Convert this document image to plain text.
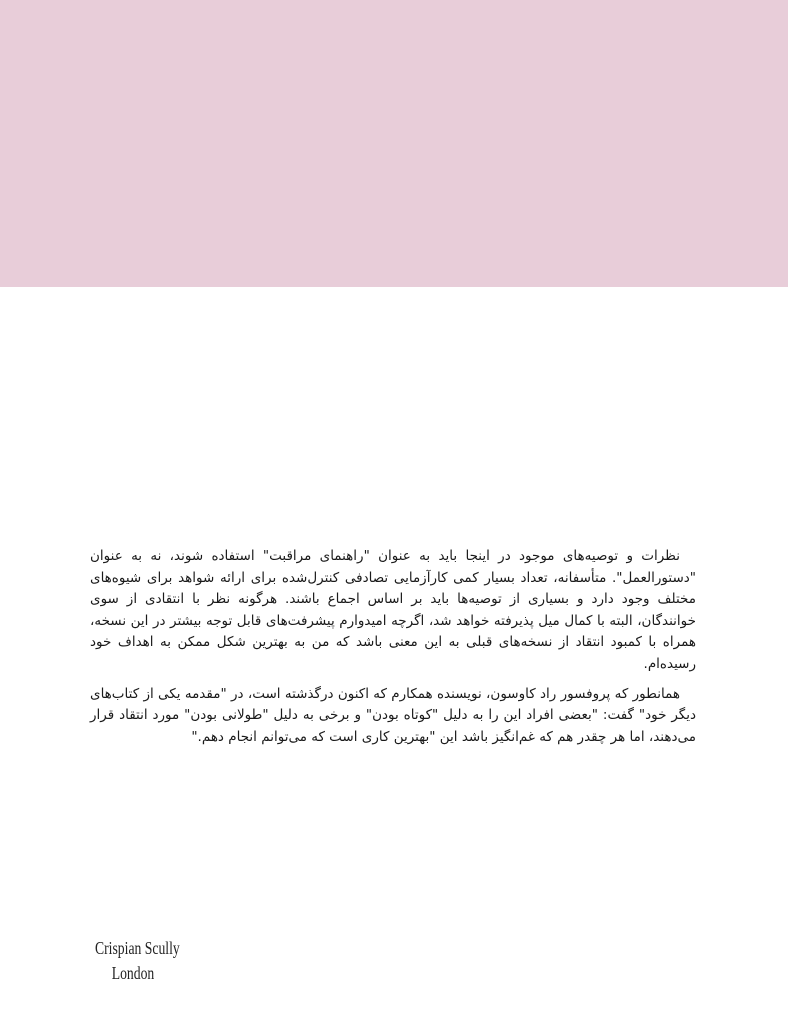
نظرات و توصیه‌های موجود در اینجا باید به عنوان "راهنمای مراقبت" استفاده شوند، نه به عنوان "دستورالعمل". متأسفانه، تعداد بسیار کمی کارآزمایی تصادفی کنترل‌شده برای ارائه شواهد برای شیوه‌های مختلف وجود دارد و بسیاری از توصیه‌ها باید بر اساس اجماع باشند. هرگونه نظر با انتقادی از سوی خوانندگان، البته با کمال میل پذیرفته خواهد شد، اگرچه امیدوارم پیشرفت‌های قابل توجه بیشتر در این نسخه، همراه با کمبود انتقاد از نسخه‌های قبلی به این معنی باشد که من به بهترین شکل ممکن به اهداف خود رسیده‌ام.

همانطور که پروفسور راد کاوسون، نویسنده همکارم که اکنون درگذشته است، در "مقدمه یکی از کتاب‌های دیگر خود" گفت: "بعضی افراد این را به دلیل "کوتاه بودن" و برخی به دلیل "طولانی بودن" مورد انتقاد قرار می‌دهند، اما هر چقدر هم که غم‌انگیز باشد این "بهترین کاری است که می‌توانم انجام دهم."

Crispian Scully
London
